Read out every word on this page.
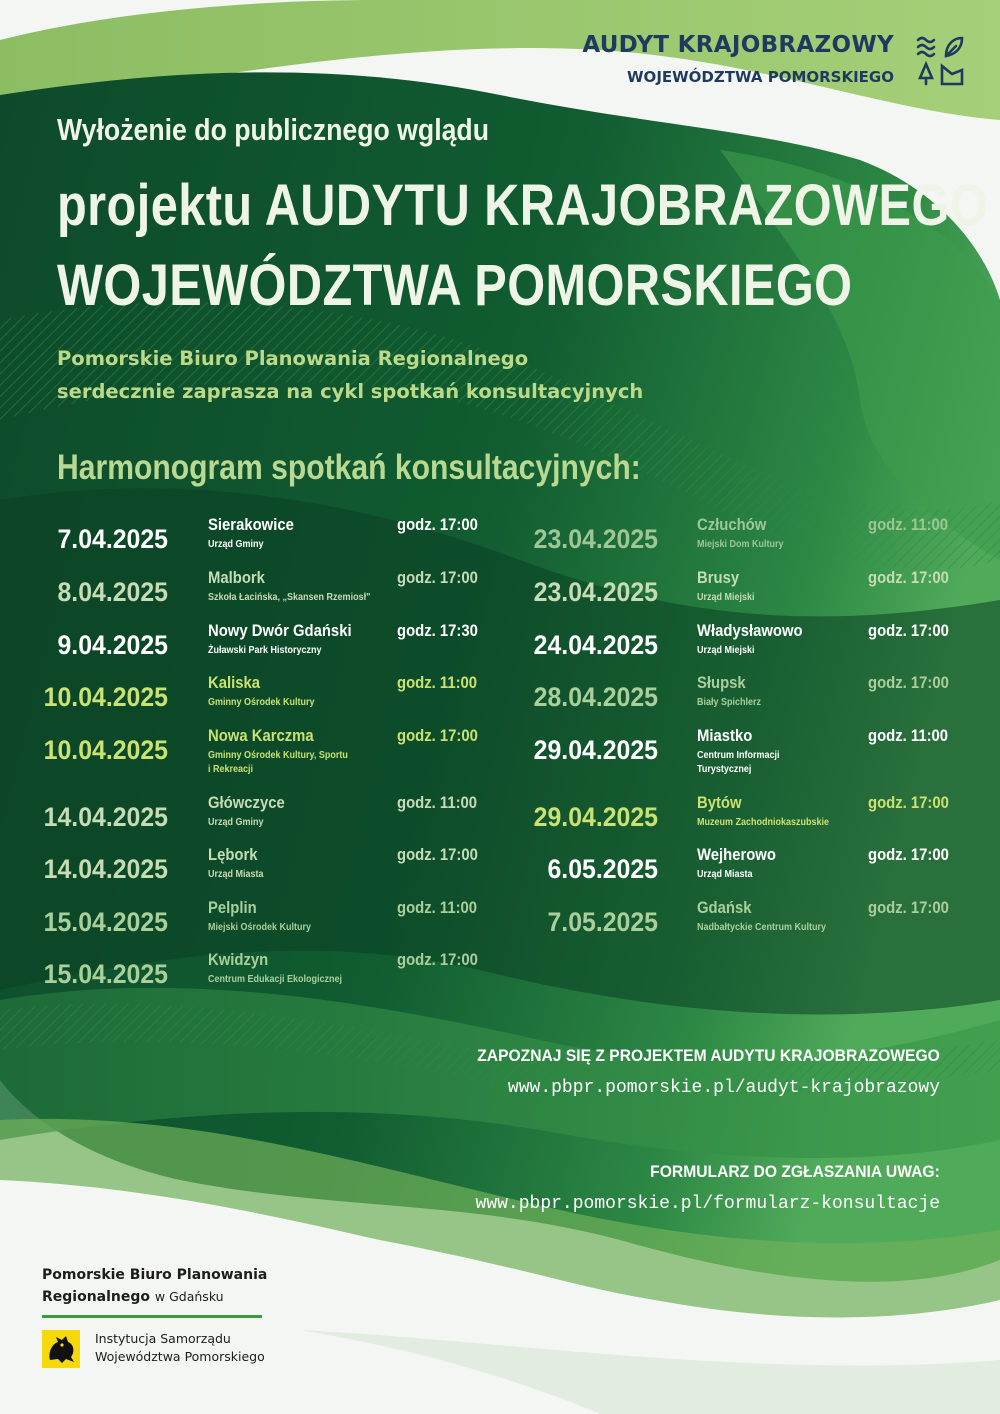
AUDYT KRAJOBRAZOWY
WOJEWÓDZTWA POMORSKIEGO
Wyłożenie do publicznego wglądu
projektu AUDYTU KRAJOBRAZOWEGO
WOJEWÓDZTWA POMORSKIEGO
Pomorskie Biuro Planowania Regionalnego
serdecznie zaprasza na cykl spotkań konsultacyjnych
Harmonogram spotkań konsultacyjnych:
ZAPOZNAJ SIĘ Z PROJEKTEM AUDYTU KRAJOBRAZOWEGO
www.pbpr.pomorskie.pl/audyt-krajobrazowy
FORMULARZ DO ZGŁASZANIA UWAG:
www.pbpr.pomorskie.pl/formularz-konsultacje
Pomorskie Biuro Planowania
Regionalnego w Gdańsku
Instytucja Samorządu
Województwa Pomorskiego
7.04.2025 Sierakowice
Urząd Gminy
godz. 17:00
8.04.2025 Malbork
Szkoła Łacińska, „Skansen Rzemiosł"
godz. 17:00
9.04.2025 Nowy Dwór Gdański
Żuławski Park Historyczny
godz. 17:30
10.04.2025 Kaliska
Gminny Ośrodek Kultury
godz. 11:00
10.04.2025 Nowa Karczma
Gminny Ośrodek Kultury, Sportu
i Rekreacji
godz. 17:00
14.04.2025 Główczyce
Urząd Gminy
godz. 11:00
14.04.2025 Lębork
Urząd Miasta
godz. 17:00
15.04.2025 Pelplin
Miejski Ośrodek Kultury
godz. 11:00
15.04.2025 Kwidzyn
Centrum Edukacji Ekologicznej
godz. 17:00
23.04.2025 Człuchów
Miejski Dom Kultury
godz. 11:00
23.04.2025 Brusy
Urząd Miejski
godz. 17:00
24.04.2025 Władysławowo
Urząd Miejski
godz. 17:00
28.04.2025 Słupsk
Biały Spichlerz
godz. 17:00
29.04.2025 Miastko
Centrum Informacji
Turystycznej
godz. 11:00
29.04.2025 Bytów
Muzeum Zachodniokaszubskie
godz. 17:00
6.05.2025 Wejherowo
Urząd Miasta
godz. 17:00
7.05.2025 Gdańsk
Nadbałtyckie Centrum Kultury
godz. 17:00
